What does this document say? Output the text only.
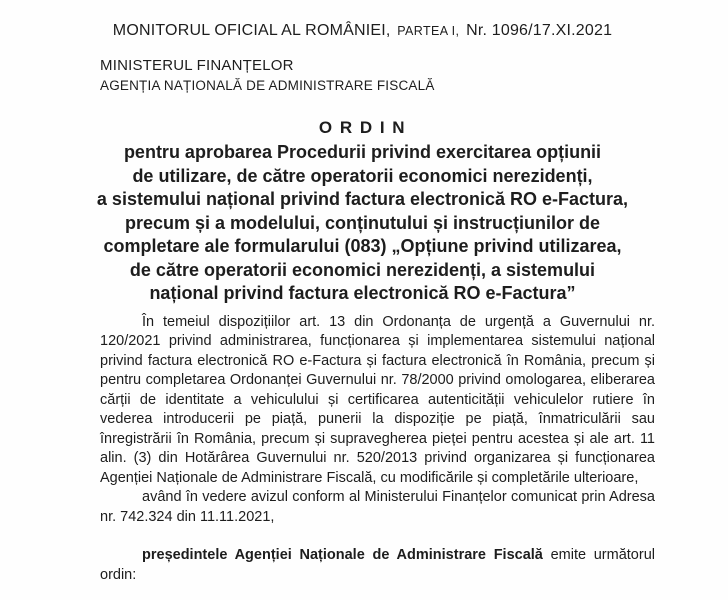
MONITORUL OFICIAL AL ROMÂNIEI, PARTEA I, Nr. 1096/17.XI.2021
MINISTERUL FINANȚELOR
AGENȚIA NAȚIONALĂ DE ADMINISTRARE FISCALĂ
O R D I N
pentru aprobarea Procedurii privind exercitarea opțiunii
de utilizare, de către operatorii economici nerezidenți,
a sistemului național privind factura electronică RO e-Factura,
precum și a modelului, conținutului și instrucțiunilor de
completare ale formularului (083) „Opțiune privind utilizarea,
de către operatorii economici nerezidenți, a sistemului
național privind factura electronică RO e-Factura”

În temeiul dispozițiilor art. 13 din Ordonanța de urgență a Guvernului nr. 120/2021 privind administrarea, funcționarea și implementarea sistemului național privind factura electronică RO e-Factura și factura electronică în România, precum și pentru completarea Ordonanței Guvernului nr. 78/2000 privind omologarea, eliberarea cărții de identitate a vehiculului și certificarea autenticității vehiculelor rutiere în vederea introducerii pe piață, punerii la dispoziție pe piață, înmatriculării sau înregistrării în România, precum și supravegherea pieței pentru acestea și ale art. 11 alin. (3) din Hotărârea Guvernului nr. 520/2013 privind organizarea și funcționarea Agenției Naționale de Administrare Fiscală, cu modificările și completările ulterioare,

având în vedere avizul conform al Ministerului Finanțelor comunicat prin Adresa nr. 742.324 din 11.11.2021,

președintele Agenției Naționale de Administrare Fiscală emite următorul ordin:
